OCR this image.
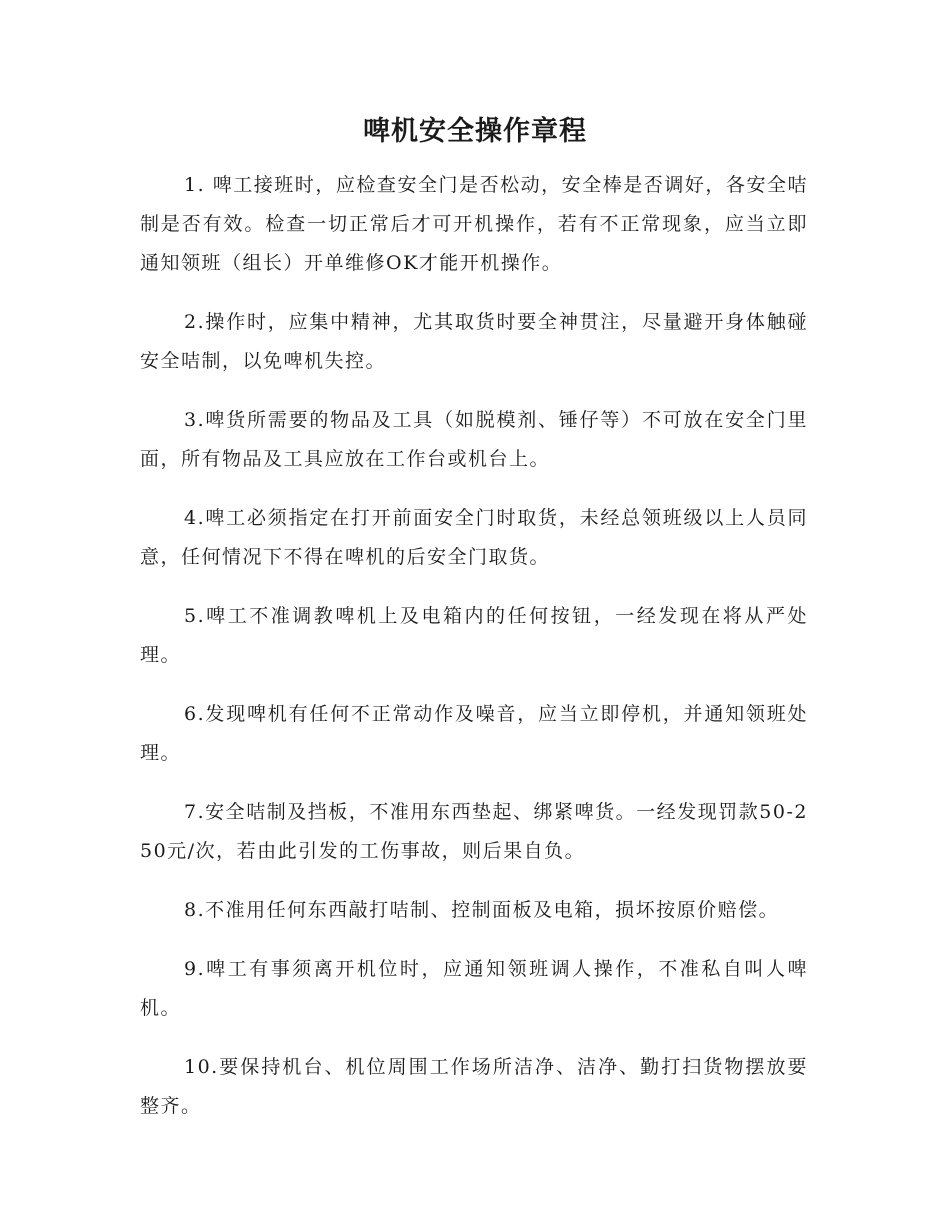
啤机安全操作章程

1. 啤工接班时，应检查安全门是否松动，安全棒是否调好，各安全咭制是否有效。检查一切正常后才可开机操作，若有不正常现象，应当立即通知领班（组长）开单维修OK才能开机操作。

2.操作时，应集中精神，尤其取货时要全神贯注，尽量避开身体触碰安全咭制，以免啤机失控。

3.啤货所需要的物品及工具（如脱模剂、锤仔等）不可放在安全门里面，所有物品及工具应放在工作台或机台上。

4.啤工必须指定在打开前面安全门时取货，未经总领班级以上人员同意，任何情况下不得在啤机的后安全门取货。

5.啤工不准调教啤机上及电箱内的任何按钮，一经发现在将从严处理。

6.发现啤机有任何不正常动作及噪音，应当立即停机，并通知领班处理。

7.安全咭制及挡板，不准用东西垫起、绑紧啤货。一经发现罚款50-250元/次，若由此引发的工伤事故，则后果自负。

8.不准用任何东西敲打咭制、控制面板及电箱，损坏按原价赔偿。

9.啤工有事须离开机位时，应通知领班调人操作，不准私自叫人啤机。

10.要保持机台、机位周围工作场所洁净、洁净、勤打扫货物摆放要整齐。
